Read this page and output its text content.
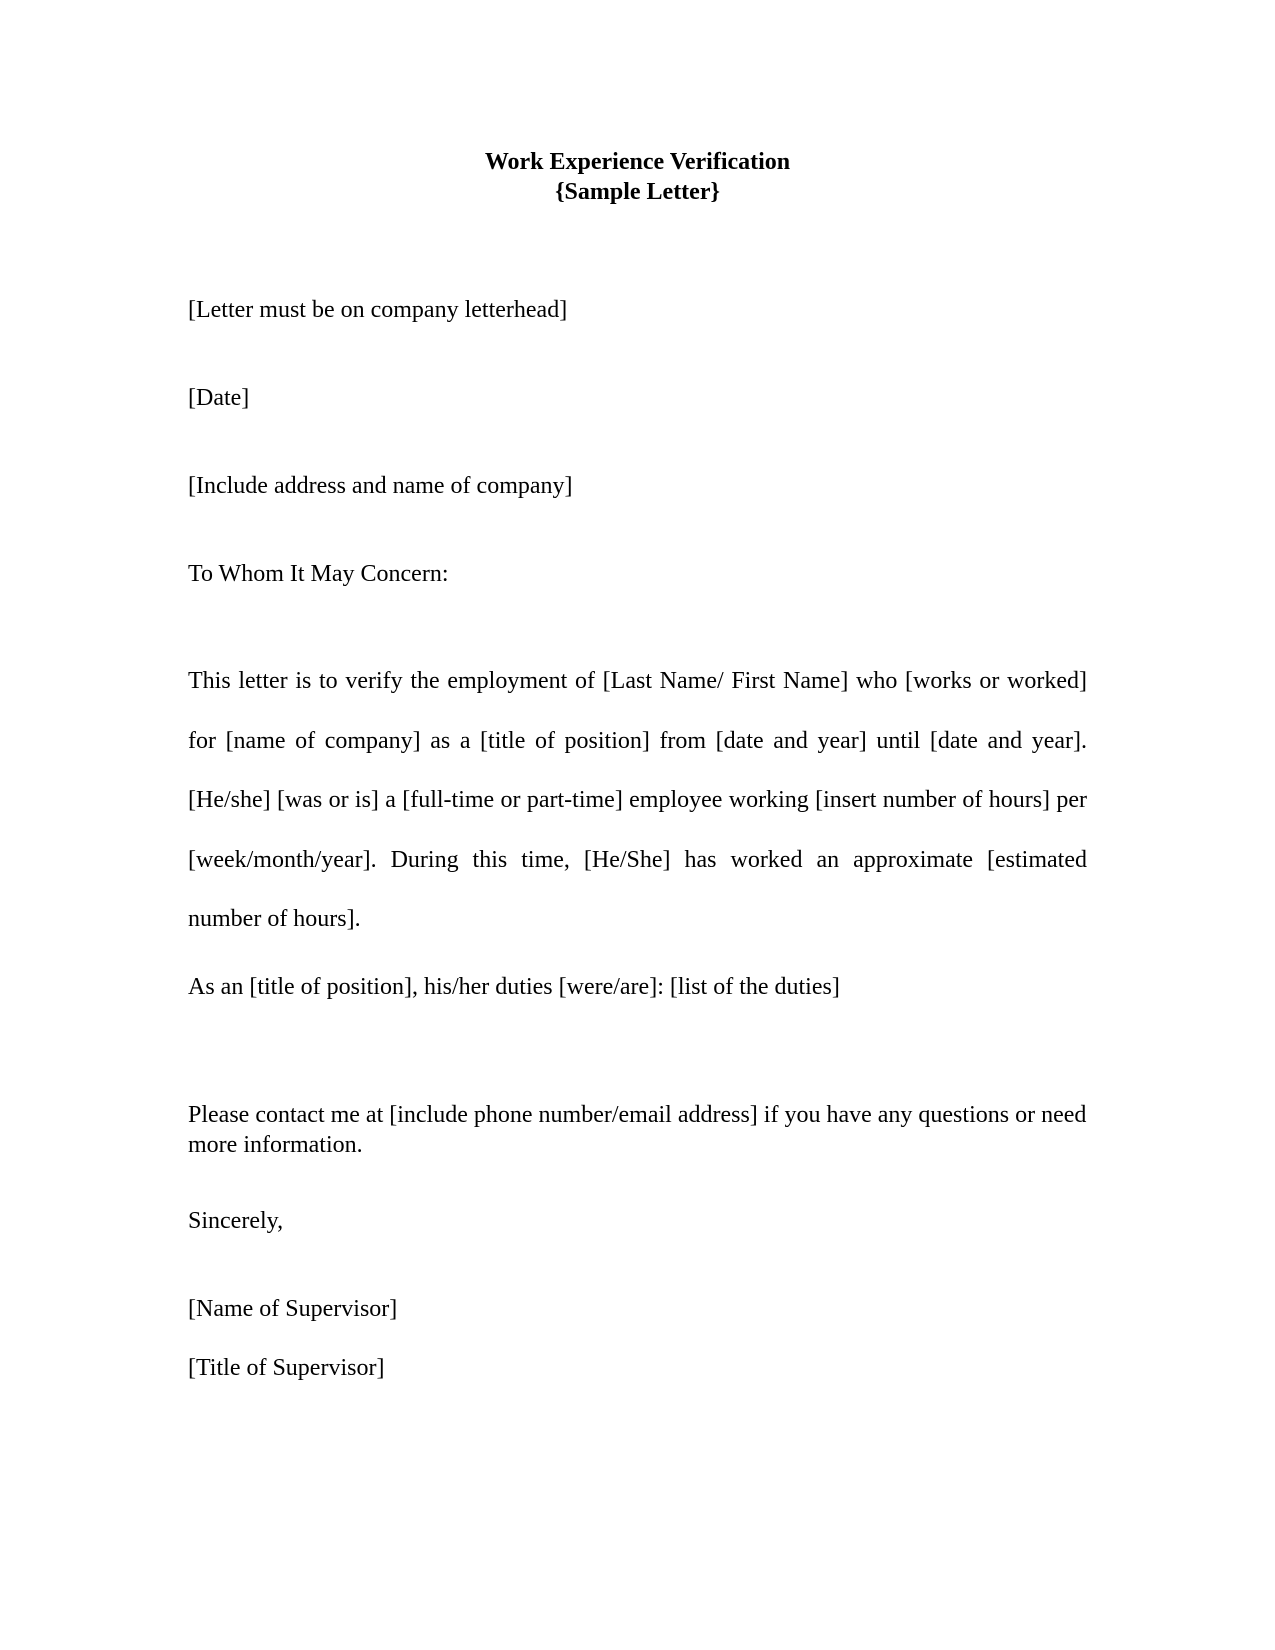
Work Experience Verification
{Sample Letter}
[Letter must be on company letterhead]
[Date]
[Include address and name of company]
To Whom It May Concern:
This letter is to verify the employment of [Last Name/ First Name] who [works or worked] for [name of company] as a [title of position] from [date and year] until [date and year]. [He/she] [was or is] a [full-time or part-time] employee working [insert number of hours] per [week/month/year]. During this time, [He/She] has worked an approximate [estimated number of hours].
As an [title of position], his/her duties [were/are]: [list of the duties]
Please contact me at [include phone number/email address] if you have any questions or need more information.
Sincerely,
[Name of Supervisor]
[Title of Supervisor]
